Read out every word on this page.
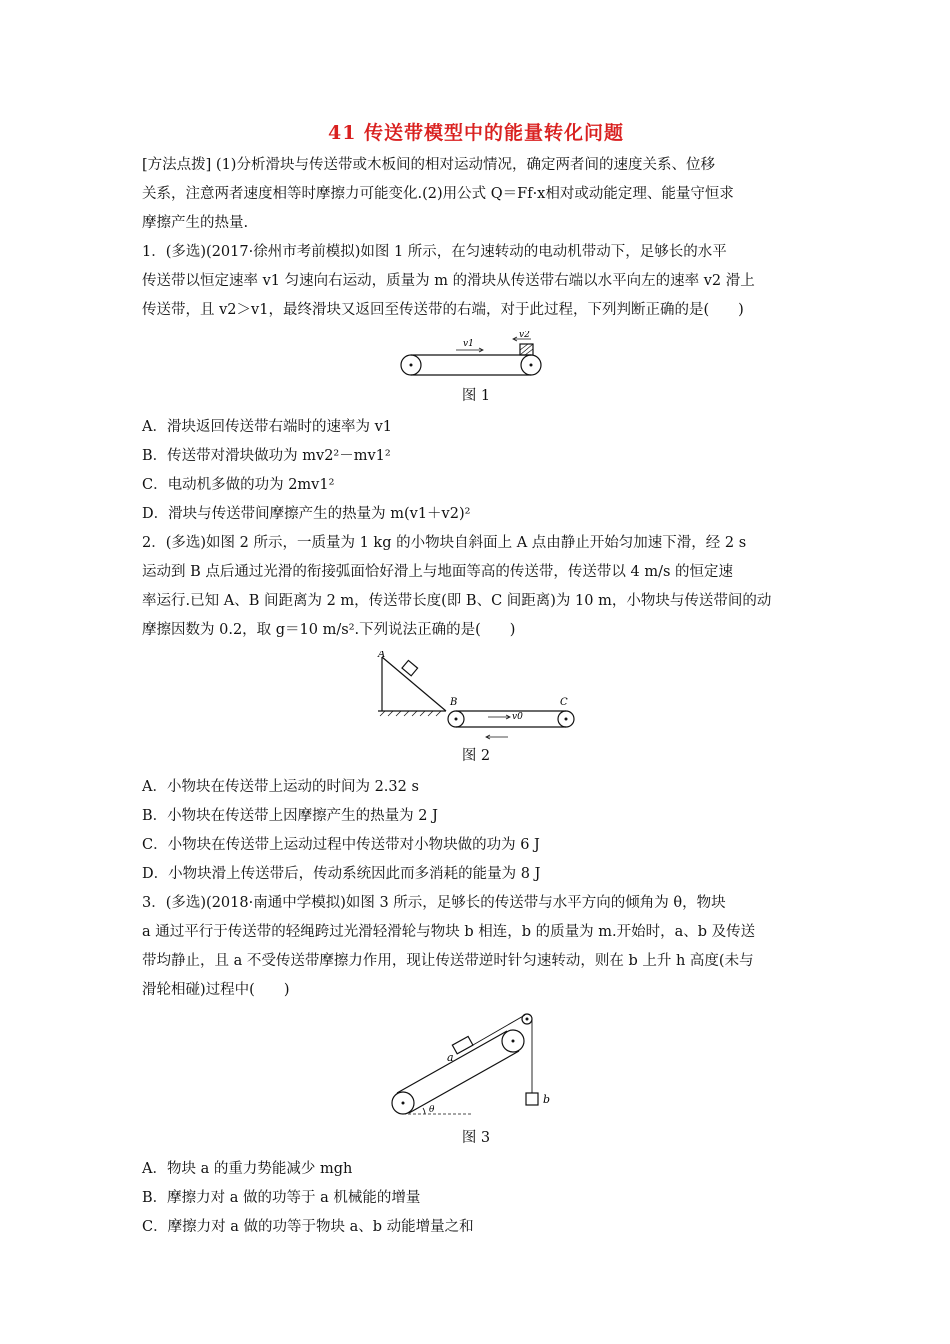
41 传送带模型中的能量转化问题

[方法点拨] (1)分析滑块与传送带或木板间的相对运动情况，确定两者间的速度关系、位移

关系，注意两者速度相等时摩擦力可能变化.(2)用公式 Q＝Ff·x相对或动能定理、能量守恒求

摩擦产生的热量.

1．(多选)(2017·徐州市考前模拟)如图 1 所示，在匀速转动的电动机带动下，足够长的水平

传送带以恒定速率 v1 匀速向右运动，质量为 m 的滑块从传送带右端以水平向左的速率 v2 滑上

传送带，且 v2＞v1，最终滑块又返回至传送带的右端，对于此过程，下列判断正确的是(　　)

v1
v2
图 1

A．滑块返回传送带右端时的速率为 v1

B．传送带对滑块做功为 mv2²－mv1²

C．电动机多做的功为 2mv1²

D．滑块与传送带间摩擦产生的热量为 m(v1＋v2)²

2．(多选)如图 2 所示，一质量为 1 kg 的小物块自斜面上 A 点由静止开始匀加速下滑，经 2 s

运动到 B 点后通过光滑的衔接弧面恰好滑上与地面等高的传送带，传送带以 4 m/s 的恒定速

率运行.已知 A、B 间距离为 2 m，传送带长度(即 B、C 间距离)为 10 m，小物块与传送带间的动

摩擦因数为 0.2，取 g＝10 m/s².下列说法正确的是(　　)

A
B	C
v0
图 2

A．小物块在传送带上运动的时间为 2.32 s

B．小物块在传送带上因摩擦产生的热量为 2 J

C．小物块在传送带上运动过程中传送带对小物块做的功为 6 J

D．小物块滑上传送带后，传动系统因此而多消耗的能量为 8 J

3．(多选)(2018·南通中学模拟)如图 3 所示，足够长的传送带与水平方向的倾角为 θ，物块

a 通过平行于传送带的轻绳跨过光滑轻滑轮与物块 b 相连，b 的质量为 m.开始时，a、b 及传送

带均静止，且 a 不受传送带摩擦力作用，现让传送带逆时针匀速转动，则在 b 上升 h 高度(未与

滑轮相碰)过程中(　　)

a
b
θ
图 3

A．物块 a 的重力势能减少 mgh

B．摩擦力对 a 做的功等于 a 机械能的增量

C．摩擦力对 a 做的功等于物块 a、b 动能增量之和
